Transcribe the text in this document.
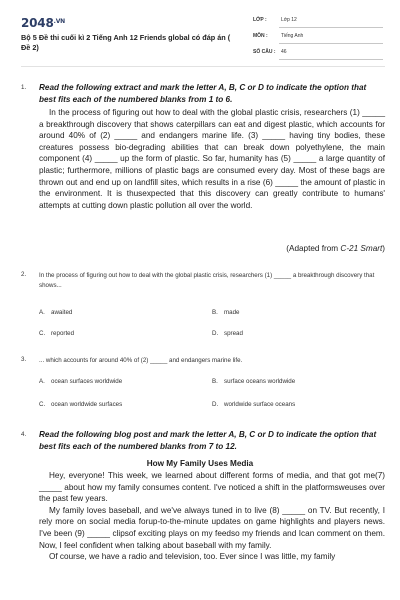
$2048^{.VN}$
Bộ 5 Đề thi cuối kì 2 Tiếng Anh 12 Friends global có đáp án ( Đề 2)
LỚP :	Lớp 12
MÔN :	Tiếng Anh
SỐ CÂU : 46
1. Read the following extract and mark the letter A, B, C or D to indicate the option that best fits each of the numbered blanks from 1 to 6.

In the process of figuring out how to deal with the global plastic crisis, researchers (1) _____ a breakthrough discovery that shows caterpillars can eat and digest plastic, which accounts for around 40% of (2) _____ and endangers marine life. (3) _____ having tiny bodies, these creatures possess bio-degrading abilities that can break down polyethylene, the main component (4) _____ up the form of plastic. So far, humanity has (5) _____ a large quantity of plastic; furthermore, millions of plastic bags are consumed every day. Most of these bags are thrown out and end up on landfill sites, which results in a rise (6) _____ the amount of plastic in the environment. It is thusexpected that this discovery can greatly contribute to humans' attempts at cutting down plastic pollution all over the world.

(Adapted from C-21 Smart)
2. In the process of figuring out how to deal with the global plastic crisis, researchers (1) _____ a breakthrough discovery that shows...
A. awaited	B. made
C. reported	D. spread
3. ... which accounts for around 40% of (2) _____ and endangers marine life.
A. ocean surfaces worldwide	B. surface oceans worldwide
C. ocean worldwide surfaces	D. worldwide surface oceans
4. Read the following blog post and mark the letter A, B, C or D to indicate the option that best fits each of the numbered blanks from 7 to 12.
How My Family Uses Media

Hey, everyone! This week, we learned about different forms of media, and that got me(7) _____ about how my family consumes content. I've noticed a shift in the platformsweuses over the past few years.

My family loves baseball, and we've always tuned in to live (8) _____ on TV. But recently, I rely more on social media forup-to-the-minute updates on game highlights and players news. I've been (9) _____ clipsof exciting plays on my feedso my friends and Ican comment on them. Now, I feel confident when talking about baseball with my family.

Of course, we have a radio and television, too. Ever since I was little, my family
